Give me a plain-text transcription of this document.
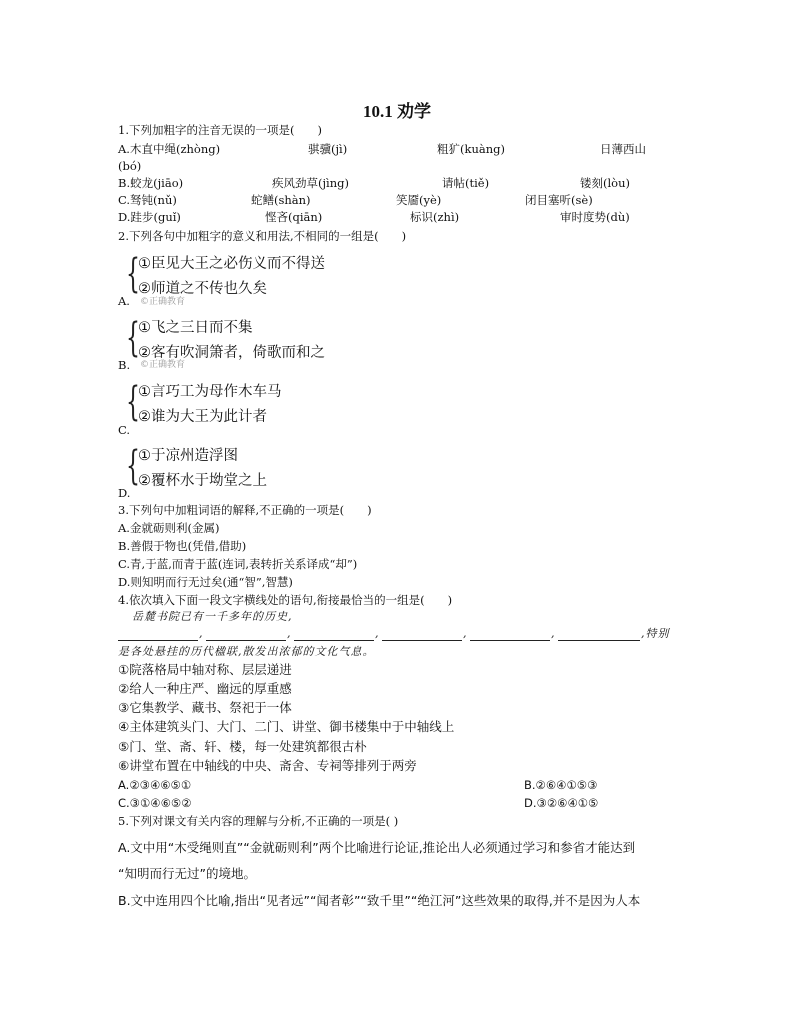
10.1 劝学
1.下列加粗字的注音无误的一项是(　　)
A.木直中绳(zhòng)	骐骥(jì)	粗犷(kuàng)	日薄西山
(bó)
B.蛟龙(jiāo)	疾风劲草(jìng)	请帖(tiě)	镂刻(lòu)
C.驽钝(nǔ)	蛇鳝(shàn)	笑靥(yè)	闭目塞听(sè)
D.跬步(guǐ)	悭吝(qiān)	标识(zhì)	审时度势(dù)
2.下列各句中加粗字的意义和用法,不相同的一组是(　　)
{
①臣见大王之必伤义而不得送
②师道之不传也久矣
©正确教育
A.
{
①飞之三日而不集
②客有吹洞箫者，倚歌而和之
©正确教育
B.
{
①言巧工为母作木车马
②谁为大王为此计者
C.
{
①于凉州造浮图
②覆杯水于坳堂之上
D.
3.下列句中加粗词语的解释,不正确的一项是(　　)
A.金就砺则利(金属)
B.善假于物也(凭借,借助)
C.青,于蓝,而青于蓝(连词,表转折关系译成“却”)
D.则知明而行无过矣(通“智”,智慧)
4.依次填入下面一段文字横线处的语句,衔接最恰当的一组是(　　)
岳麓书院已有一千多年的历史,
,	,	,	,	,	,特别
是各处悬挂的历代楹联,散发出浓郁的文化气息。
①院落格局中轴对称、层层递进
②给人一种庄严、幽远的厚重感
③它集教学、藏书、祭祀于一体
④主体建筑头门、大门、二门、讲堂、御书楼集中于中轴线上
⑤门、堂、斋、轩、楼，每一处建筑都很古朴
⑥讲堂布置在中轴线的中央、斋舍、专祠等排列于两旁
A.②③④⑥⑤①	B.②⑥④①⑤③
C.③①④⑥⑤②	D.③②⑥④①⑤
5.下列对课文有关内容的理解与分析,不正确的一项是( )
A.文中用“木受绳则直”“金就砺则利”两个比喻进行论证,推论出人必须通过学习和参省才能达到
“知明而行无过”的境地。
B.文中连用四个比喻,指出“见者远”“闻者彰”“致千里”“绝江河”这些效果的取得,并不是因为人本
